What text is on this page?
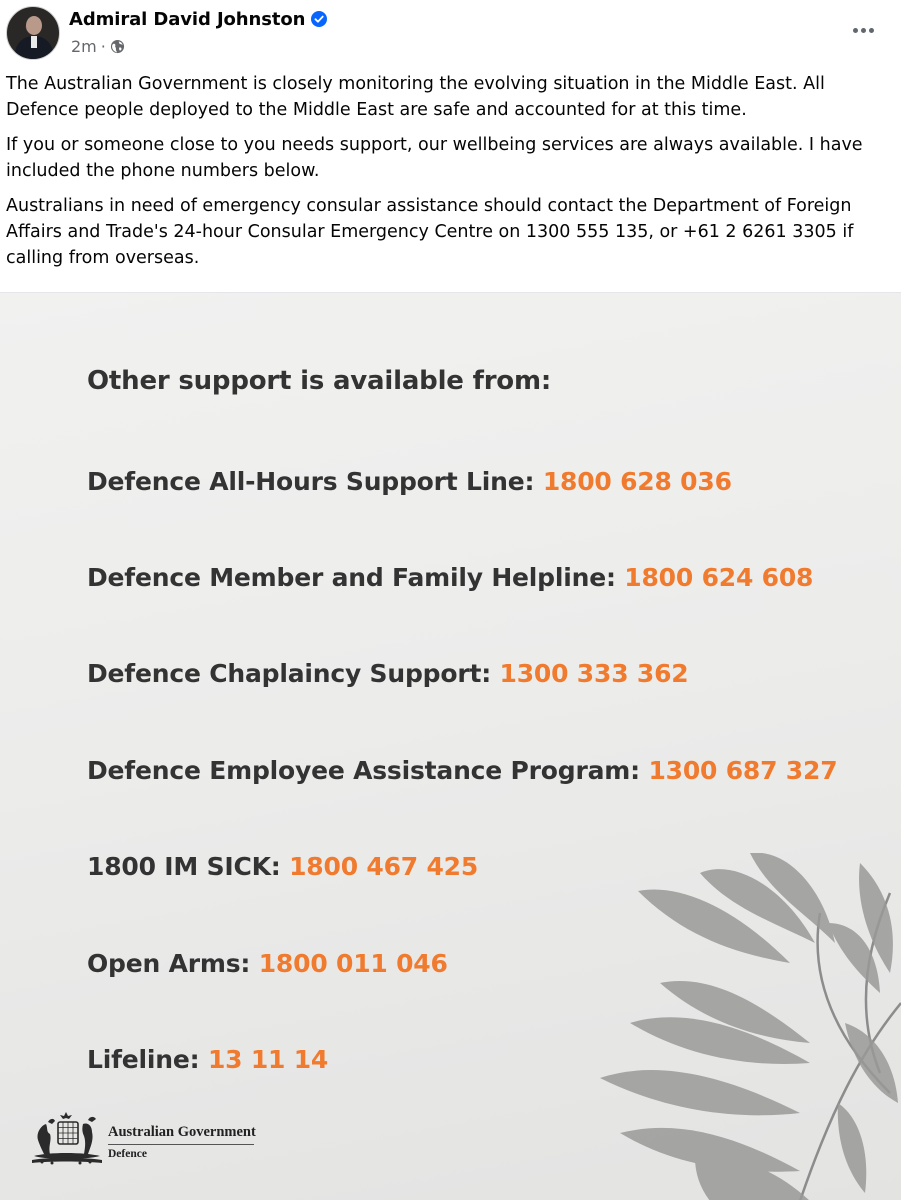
Admiral David Johnston
2m ·

The Australian Government is closely monitoring the evolving situation in the Middle East. All Defence people deployed to the Middle East are safe and accounted for at this time.

If you or someone close to you needs support, our wellbeing services are always available. I have included the phone numbers below.

Australians in need of emergency consular assistance should contact the Department of Foreign Affairs and Trade's 24-hour Consular Emergency Centre on 1300 555 135, or +61 2 6261 3305 if calling from overseas.

Other support is available from:
Defence All-Hours Support Line: 1800 628 036
Defence Member and Family Helpline: 1800 624 608
Defence Chaplaincy Support: 1300 333 362
Defence Employee Assistance Program: 1300 687 327
1800 IM SICK: 1800 467 425
Open Arms: 1800 011 046
Lifeline: 13 11 14
Australian Government
Defence
